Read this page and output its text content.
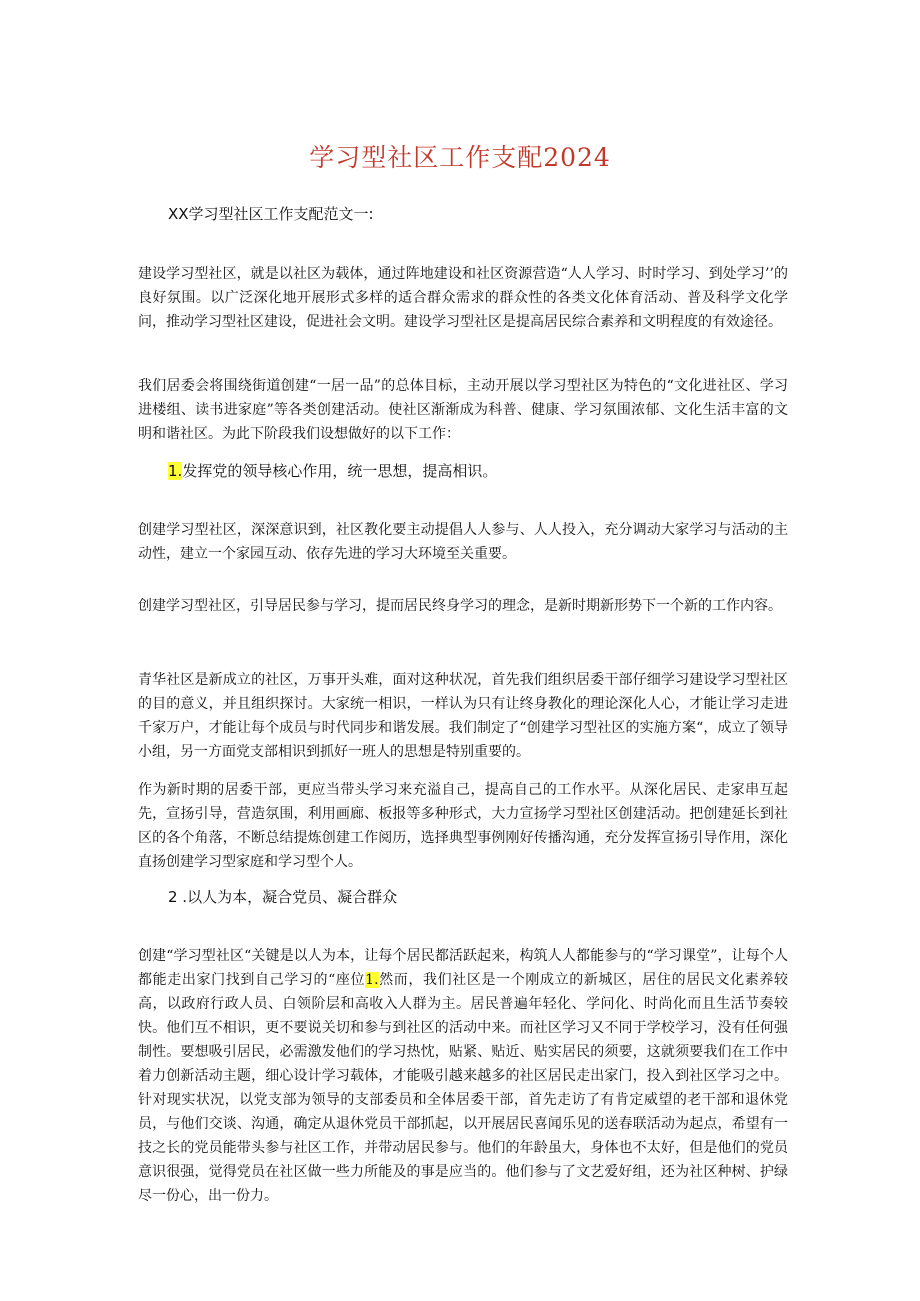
学习型社区工作支配2024
XX学习型社区工作支配范文一:

建设学习型社区，就是以社区为载体，通过阵地建设和社区资源营造“人人学习、时时学习、到处学习’’的良好氛围。以广泛深化地开展形式多样的适合群众需求的群众性的各类文化体育活动、普及科学文化学问，推动学习型社区建设，促进社会文明。建设学习型社区是提高居民综合素养和文明程度的有效途径。

我们居委会将围绕街道创建“一居一品”的总体目标，主动开展以学习型社区为特色的“文化进社区、学习进楼组、读书进家庭”等各类创建活动。使社区渐渐成为科普、健康、学习氛围浓郁、文化生活丰富的文明和谐社区。为此下阶段我们设想做好的以下工作：

1.发挥党的领导核心作用，统一思想，提高相识。

创建学习型社区，深深意识到，社区教化要主动提倡人人参与、人人投入，充分调动大家学习与活动的主动性，建立一个家园互动、依存先进的学习大环境至关重要。

创建学习型社区，引导居民参与学习，提而居民终身学习的理念，是新时期新形势下一个新的工作内容。

青华社区是新成立的社区，万事开头难，面对这种状况，首先我们组织居委干部仔细学习建设学习型社区的目的意义，并且组织探讨。大家统一相识，一样认为只有让终身教化的理论深化人心，才能让学习走进千家万户，才能让每个成员与时代同步和谐发展。我们制定了“创建学习型社区的实施方案“，成立了领导小组，另一方面党支部相识到抓好一班人的思想是特别重要的。

作为新时期的居委干部，更应当带头学习来充溢自己，提高自己的工作水平。从深化居民、走家串互起先，宣扬引导，营造氛围，利用画廊、板报等多种形式，大力宣扬学习型社区创建活动。把创建延长到社区的各个角落，不断总结提炼创建工作阅历，选择典型事例刚好传播沟通，充分发挥宣扬引导作用，深化直扬创建学习型家庭和学习型个人。

2 .以人为本，凝合党员、凝合群众

创建“学习型社区“关键是以人为本，让每个居民都活跃起来，构筑人人都能参与的“学习课堂”，让每个人都能走出家门找到自己学习的“座位1.然而，我们社区是一个刚成立的新城区，居住的居民文化素养较高，以政府行政人员、白领阶层和高收入人群为主。居民普遍年轻化、学问化、时尚化而且生活节奏较快。他们互不相识，更不要说关切和参与到社区的活动中来。而社区学习又不同于学校学习，没有任何强制性。要想吸引居民，必需激发他们的学习热忱，贴紧、贴近、贴实居民的须要，这就须要我们在工作中着力创新活动主题，细心设计学习载体，才能吸引越来越多的社区居民走出家门，投入到社区学习之中。针对现实状况，以党支部为领导的支部委员和全体居委干部，首先走访了有肯定威望的老干部和退休党员，与他们交谈、沟通，确定从退休党员干部抓起，以开展居民喜闻乐见的送春联活动为起点，希望有一技之长的党员能带头参与社区工作，并带动居民参与。他们的年龄虽大，身体也不太好，但是他们的党员意识很强，觉得党员在社区做一些力所能及的事是应当的。他们参与了文艺爱好组，还为社区种树、护绿尽一份心，出一份力。
